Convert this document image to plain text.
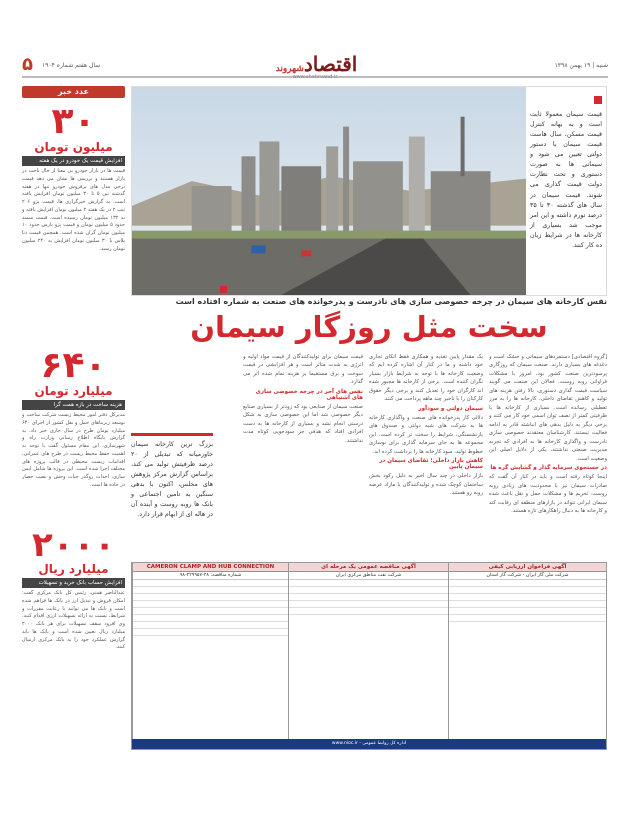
شنبه | ۱۹ بهمن ۱۳۹۸
اقتصادشهروند
www.shahrvand.ir
سال هفتم شماره ۱۹۰۴
۵
عدد خبر
۳۰
میلیون تومان
افزایش قیمت یک خودرو در یک هفته
قیمت ها در بازار خودرو بی معنا از حال ناخت در بازار هستند و بررسی ها نشان می دهد قیمت برخی مدل های پرفروش خودرو تنها در هفته گذشته بین ۵ تا ۳۰ میلیون تومان افزایش یافته است. به گزارش خبرگزاری ها، قیمت پژو ۲۰۶ تیپ ۲ در یک هفته ۲ میلیون تومان افزایش یافته و به ۱۳۲ میلیون تومان رسیده است. قیمت سمند حدود ۵ میلیون تومان و قیمت پژو پارس حدود ۱۰ میلیون تومان گران شده است. همچنین قیمت دنا پلاس با ۳۰ میلیون تومان افزایش به ۲۴۰ میلیون تومان رسید.
۶۴۰
میلیارد تومان
هزینه ساخت در بازه همت گرا
مدیرکل دفتر امور محیط زیست شرکت ساخت و توسعه زیربناهای حمل و نقل کشور از اجرای ۶۴۰ میلیارد تومان طرح در سال جاری خبر داد. به گزارش پایگاه اطلاع رسانی وزارت راه و شهرسازی، این مقام مسئول گفت با توجه به اهمیت حفظ محیط زیست در طرح های عمرانی، اقدامات زیست محیطی در قالب پروژه های مختلف اجرا شده است. این پروژه ها شامل ایمن سازی، احداث روگذر حیات وحش و نصب حصار در جاده ها است.
۲۰۰۰
میلیارد ریال
افزایش حساب بانک خرید و تسهیلات
عبدالناصر همتی، رئیس کل بانک مرکزی گفت: امکان فروش و تبدیل ارز در بانک ها فراهم شده است و بانک ها می توانند با رعایت مقررات و شرایط، نسبت به ارائه تسهیلات ارزی اقدام کنند. وی افزود سقف تسهیلات برای هر بانک ۲۰۰۰ میلیارد ریال تعیین شده است و بانک ها باید گزارش عملکرد خود را به بانک مرکزی ارسال کنند.

قیمت سیمان معمولا ثابت است و به بهانه کنترل قیمت مسکن، سال هاست قیمت سیمان با دستور دولتی تعیین می شود و سیمانی ها به صورت دستوری و تحت نظارت دولت قیمت گذاری می شوند. قیمت سیمان در سال های گذشته ۳۰ تا ۳۵ درصد تورم داشته و این امر موجب شد بسیاری از کارخانه ها در شرایط زیان ده کار کنند.

نفس کارخانه های سیمان در چرخه خصوصی سازی های نادرست و پدرخوانده های صنعت به شماره افتاده است
سخت مثل روزگار سیمان

[گروه اقتصادی] دستمزدهای سیمانی و خشک است و دغدغه های بسیاری دارند. صنعت سیمان که روزگاری پرسودترین صنعت کشور بود، امروز با مشکلات فراوانی روبه روست. فعالان این صنعت می گویند سیاست قیمت گذاری دستوری، بالا رفتن هزینه های تولید و کاهش تقاضای داخلی، کارخانه ها را به مرز تعطیلی رسانده است. بسیاری از کارخانه ها با ظرفیتی کمتر از نصف توان اسمی خود کار می کنند و برخی دیگر به دلیل بدهی های انباشته قادر به ادامه فعالیت نیستند. کارشناسان معتقدند خصوصی سازی نادرست و واگذاری کارخانه ها به افرادی که تجربه مدیریت صنعتی نداشتند، یکی از دلایل اصلی این وضعیت است.

در جستجوی سرمایه گذار و گشایش گره ها

اینجا کوتاه رفته است و باید در کنار آن گفت که صادرات سیمان نیز با محدودیت های زیادی روبه روست. تحریم ها و مشکلات حمل و نقل باعث شده سیمان ایرانی نتواند در بازارهای منطقه ای رقابت کند و کارخانه ها به دنبال راهکارهای تازه هستند.

یک مقدار پایین تغذیه و همکاری فقط اتکای تجاری خود داشته و ما در کنار آن اشاره کرده ایم که وضعیت کارخانه ها با توجه به شرایط بازار بسیار نگران کننده است. برخی از کارخانه ها مجبور شده اند کارگران خود را تعدیل کنند و برخی دیگر حقوق کارکنان را با تاخیر چند ماهه پرداخت می کنند.

سیمان دولتی و سودآور

دلالی کار پدرخوانده های صنعت و واگذاری کارخانه ها به شرکت های شبه دولتی و صندوق های بازنشستگی، شرایط را سخت تر کرده است. این مجموعه ها به جای سرمایه گذاری برای نوسازی خطوط تولید، سود کارخانه ها را برداشت کرده اند.

کاهش بازار داخلی؛ تقاضای سیمان در سیمان پایین

بازار داخلی در چند سال اخیر به دلیل رکود بخش ساختمان کوچک شده و تولیدکنندگان با مازاد عرضه روبه رو هستند.

قیمت سیمان برای تولیدکنندگان از قیمت مواد اولیه و انرژی به شدت متاثر است و هر افزایشی در قیمت سوخت و برق مستقیما بر هزینه تمام شده اثر می گذارد.

نفس های آخر در چرخه خصوصی سازی های اشتباهی

صنعت سیمان از صنایعی بود که زودتر از بسیاری صنایع دیگر خصوصی شد اما این خصوصی سازی به شکل درستی انجام نشد و بسیاری از کارخانه ها به دست افرادی افتاد که هدفی جز سودجویی کوتاه مدت نداشتند.

بزرگ ترین کارخانه سیمان خاورمیانه که تبدیلی از ۲۰ درصد ظرفیتش تولید می کند، براساس گزارش مرکز پژوهش های مجلس، اکنون با بدهی سنگین به تامین اجتماعی و بانک ها روبه روست و آینده آن در هاله ای از ابهام قرار دارد.
آگهی فراخوان ارزیابی کیفی
شرکت ملی گاز ایران - شرکت گاز استان
آگهی مناقصه عمومی یک مرحله ای
شرکت نفت مناطق مرکزی ایران
CAMERON CLAMP AND HUB CONNECTION
شماره مناقصه: ۴۸-۲۲۹۹۵۷-۹۸
اداره کل روابط عمومی - www.nioc.ir
